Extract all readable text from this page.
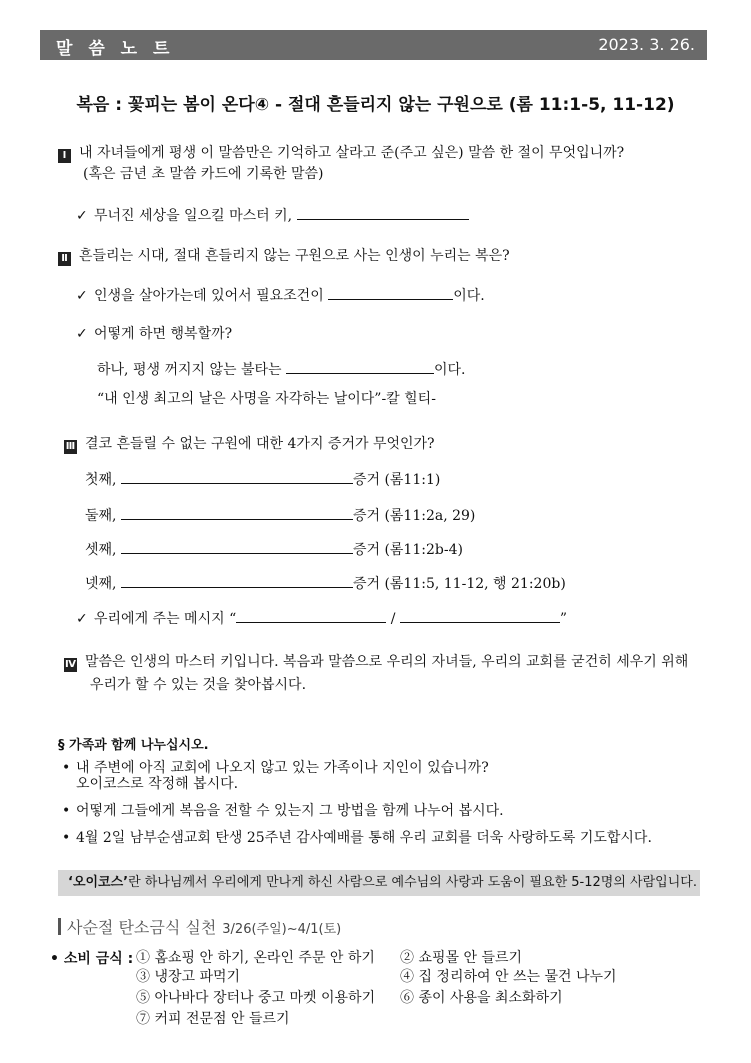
말 씀 노 트	2023. 3. 26.
복음 : 꽃피는 봄이 온다④ - 절대 흔들리지 않는 구원으로 (롬 11:1-5, 11-12)
Ⅰ 내 자녀들에게 평생 이 말씀만은 기억하고 살라고 준(주고 싶은) 말씀 한 절이 무엇입니까?
(혹은 금년 초 말씀 카드에 기록한 말씀)
✓ 무너진 세상을 일으킬 마스터 키,
Ⅱ 흔들리는 시대, 절대 흔들리지 않는 구원으로 사는 인생이 누리는 복은?
✓ 인생을 살아가는데 있어서 필요조건이	이다.
✓ 어떻게 하면 행복할까?
하나, 평생 꺼지지 않는 불타는	이다.
“내 인생 최고의 날은 사명을 자각하는 날이다”-칼 힐티-
Ⅲ 결코 흔들릴 수 없는 구원에 대한 4가지 증거가 무엇인가?
첫째,	증거 (롬11:1)
둘째,	증거 (롬11:2a, 29)
셋째,	증거 (롬11:2b-4)
넷째,	증거 (롬11:5, 11-12, 행 21:20b)
✓ 우리에게 주는 메시지 “	/	”
Ⅳ 말씀은 인생의 마스터 키입니다. 복음과 말씀으로 우리의 자녀들, 우리의 교회를 굳건히 세우기 위해
우리가 할 수 있는 것을 찾아봅시다.
§ 가족과 함께 나누십시오.
• 내 주변에 아직 교회에 나오지 않고 있는 가족이나 지인이 있습니까?
오이코스로 작정해 봅시다.
• 어떻게 그들에게 복음을 전할 수 있는지 그 방법을 함께 나누어 봅시다.
• 4월 2일 남부순샘교회 탄생 25주년 감사예배를 통해 우리 교회를 더욱 사랑하도록 기도합시다.
‘오이코스’란 하나님께서 우리에게 만나게 하신 사람으로 예수님의 사랑과 도움이 필요한 5-12명의 사람입니다.
사순절 탄소금식 실천 3/26(주일)~4/1(토)
• 소비 금식 : ① 홈쇼핑 안 하기, 온라인 주문 안 하기 ② 쇼핑몰 안 들르기
③ 냉장고 파먹기	④ 집 정리하여 안 쓰는 물건 나누기
⑤ 아나바다 장터나 중고 마켓 이용하기 ⑥ 종이 사용을 최소화하기
⑦ 커피 전문점 안 들르기
